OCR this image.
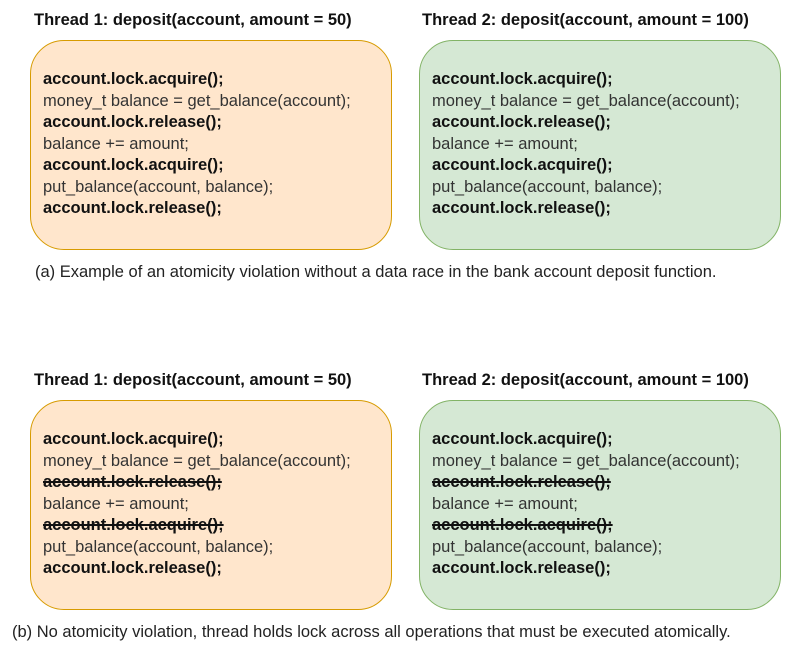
Thread 1: deposit(account, amount = 50)	Thread 2: deposit(account, amount = 100)
account.lock.acquire();
money_t balance = get_balance(account);
account.lock.release();
balance += amount;
account.lock.acquire();
put_balance(account, balance);
account.lock.release();
account.lock.acquire();
money_t balance = get_balance(account);
account.lock.release();
balance += amount;
account.lock.acquire();
put_balance(account, balance);
account.lock.release();
(a) Example of an atomicity violation without a data race in the bank account deposit function.
Thread 1: deposit(account, amount = 50)	Thread 2: deposit(account, amount = 100)
account.lock.acquire();
money_t balance = get_balance(account);
account.lock.release();
balance += amount;
account.lock.acquire();
put_balance(account, balance);
account.lock.release();
account.lock.acquire();
money_t balance = get_balance(account);
account.lock.release();
balance += amount;
account.lock.acquire();
put_balance(account, balance);
account.lock.release();
(b) No atomicity violation, thread holds lock across all operations that must be executed atomically.
